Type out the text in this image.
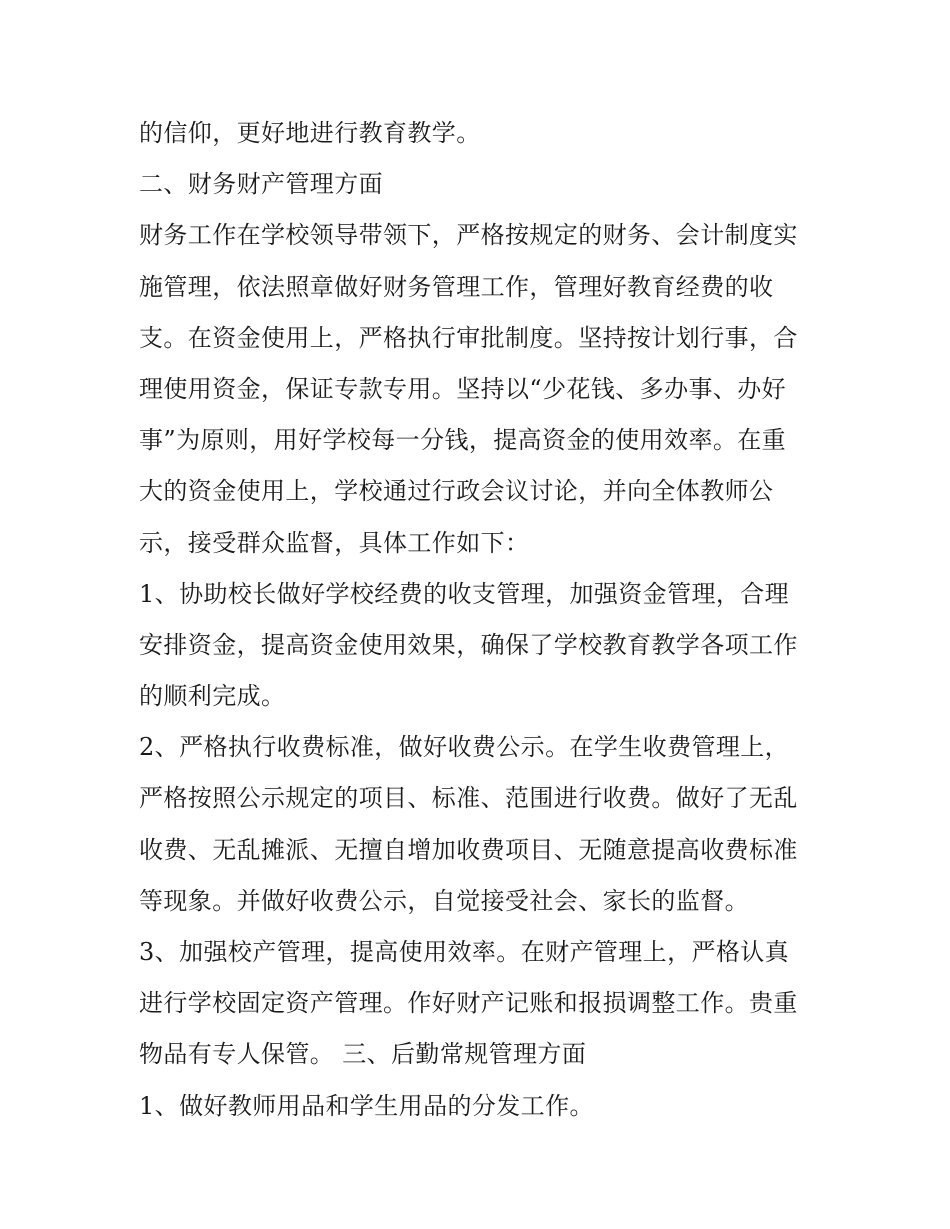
的信仰，更好地进行教育教学。
二、财务财产管理方面
财务工作在学校领导带领下，严格按规定的财务、会计制度实
施管理，依法照章做好财务管理工作，管理好教育经费的收
支。在资金使用上，严格执行审批制度。坚持按计划行事，合
理使用资金，保证专款专用。坚持以“少花钱、多办事、办好
事”为原则，用好学校每一分钱，提高资金的使用效率。在重
大的资金使用上，学校通过行政会议讨论，并向全体教师公
示，接受群众监督，具体工作如下：
1、协助校长做好学校经费的收支管理，加强资金管理，合理
安排资金，提高资金使用效果，确保了学校教育教学各项工作
的顺利完成。
2、严格执行收费标准，做好收费公示。在学生收费管理上，
严格按照公示规定的项目、标准、范围进行收费。做好了无乱
收费、无乱摊派、无擅自增加收费项目、无随意提高收费标准
等现象。并做好收费公示，自觉接受社会、家长的监督。
3、加强校产管理，提高使用效率。在财产管理上，严格认真
进行学校固定资产管理。作好财产记账和报损调整工作。贵重
物品有专人保管。 三、后勤常规管理方面
1、做好教师用品和学生用品的分发工作。
